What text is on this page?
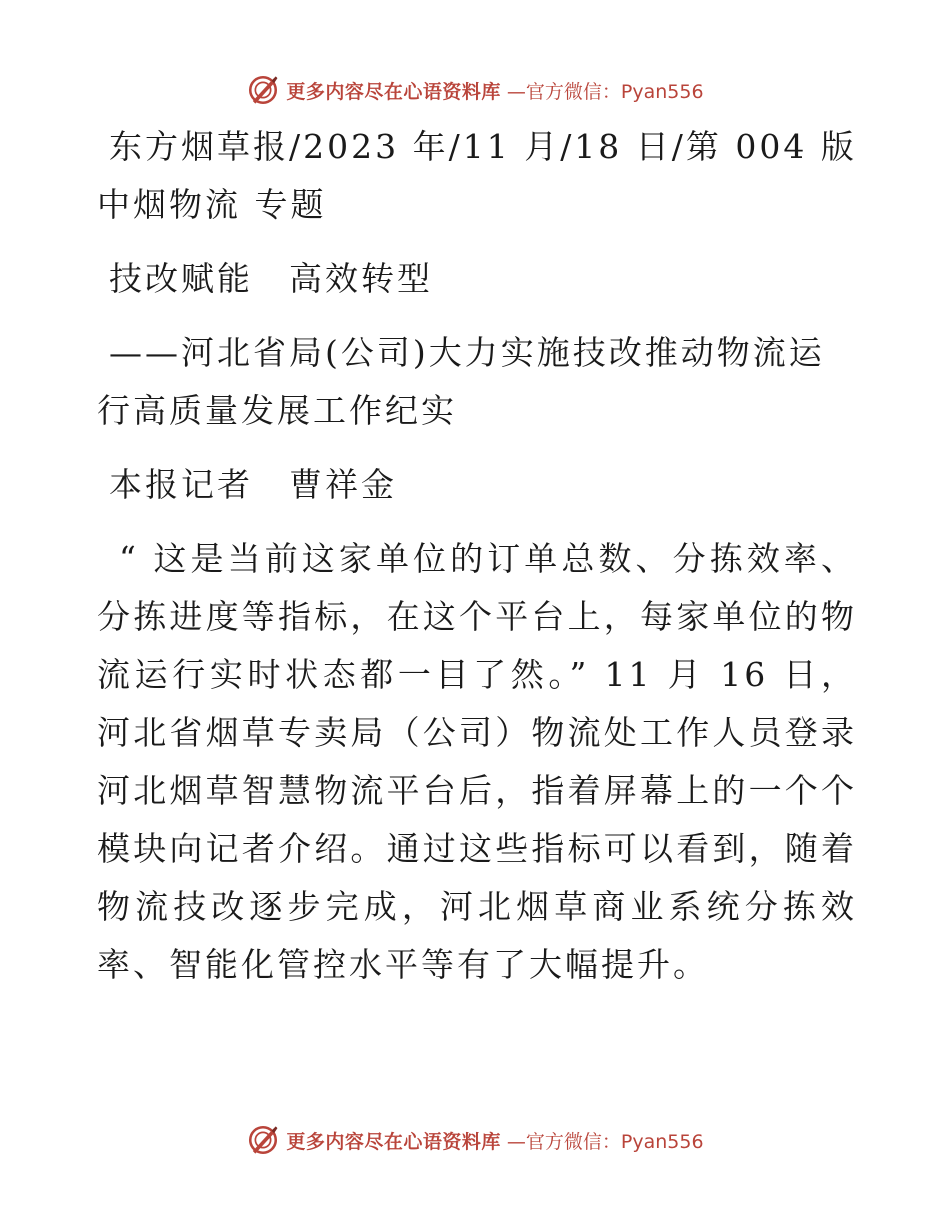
更多内容尽在心语资料库 —官方微信：Pyan556

东方烟草报/2023 年/11 月/18 日/第 004 版中烟物流 专题

技改赋能　高效转型

——河北省局(公司)大力实施技改推动物流运行高质量发展工作纪实

本报记者　曹祥金

“ 这是当前这家单位的订单总数、分拣效率、分拣进度等指标，在这个平台上，每家单位的物流运行实时状态都一目了然。” 11 月 16 日，河北省烟草专卖局（公司）物流处工作人员登录河北烟草智慧物流平台后，指着屏幕上的一个个模块向记者介绍。通过这些指标可以看到，随着物流技改逐步完成，河北烟草商业系统分拣效率、智能化管控水平等有了大幅提升。

更多内容尽在心语资料库 —官方微信：Pyan556
